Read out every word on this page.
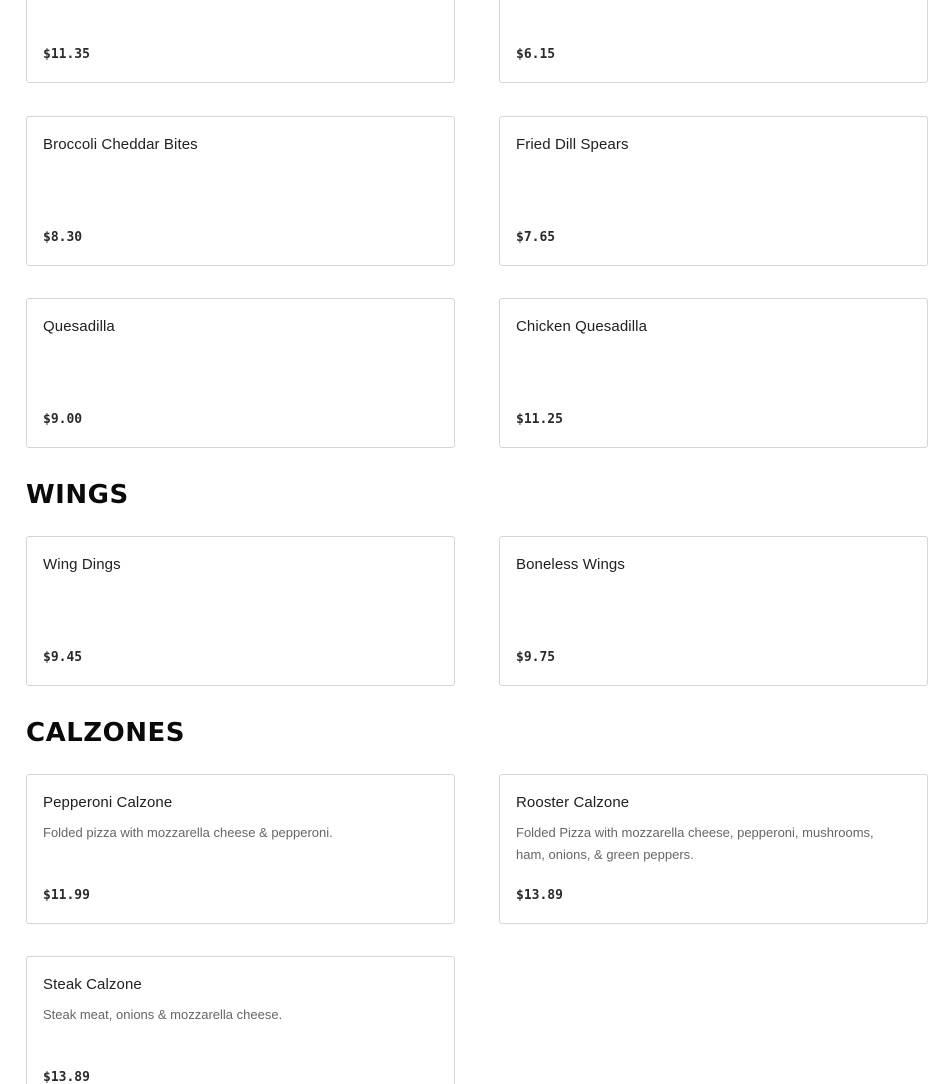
$11.35	$6.15
Broccoli Cheddar Bites
$8.30
Fried Dill Spears
$7.65
Quesadilla
$9.00
Chicken Quesadilla
$11.25
WINGS
Wing Dings
$9.45
Boneless Wings
$9.75
CALZONES
Pepperoni Calzone
Folded pizza with mozzarella cheese & pepperoni.
$11.99
Rooster Calzone
Folded Pizza with mozzarella cheese, pepperoni, mushrooms, ham, onions, & green peppers.
$13.89
Steak Calzone
Steak meat, onions & mozzarella cheese.
$13.89
